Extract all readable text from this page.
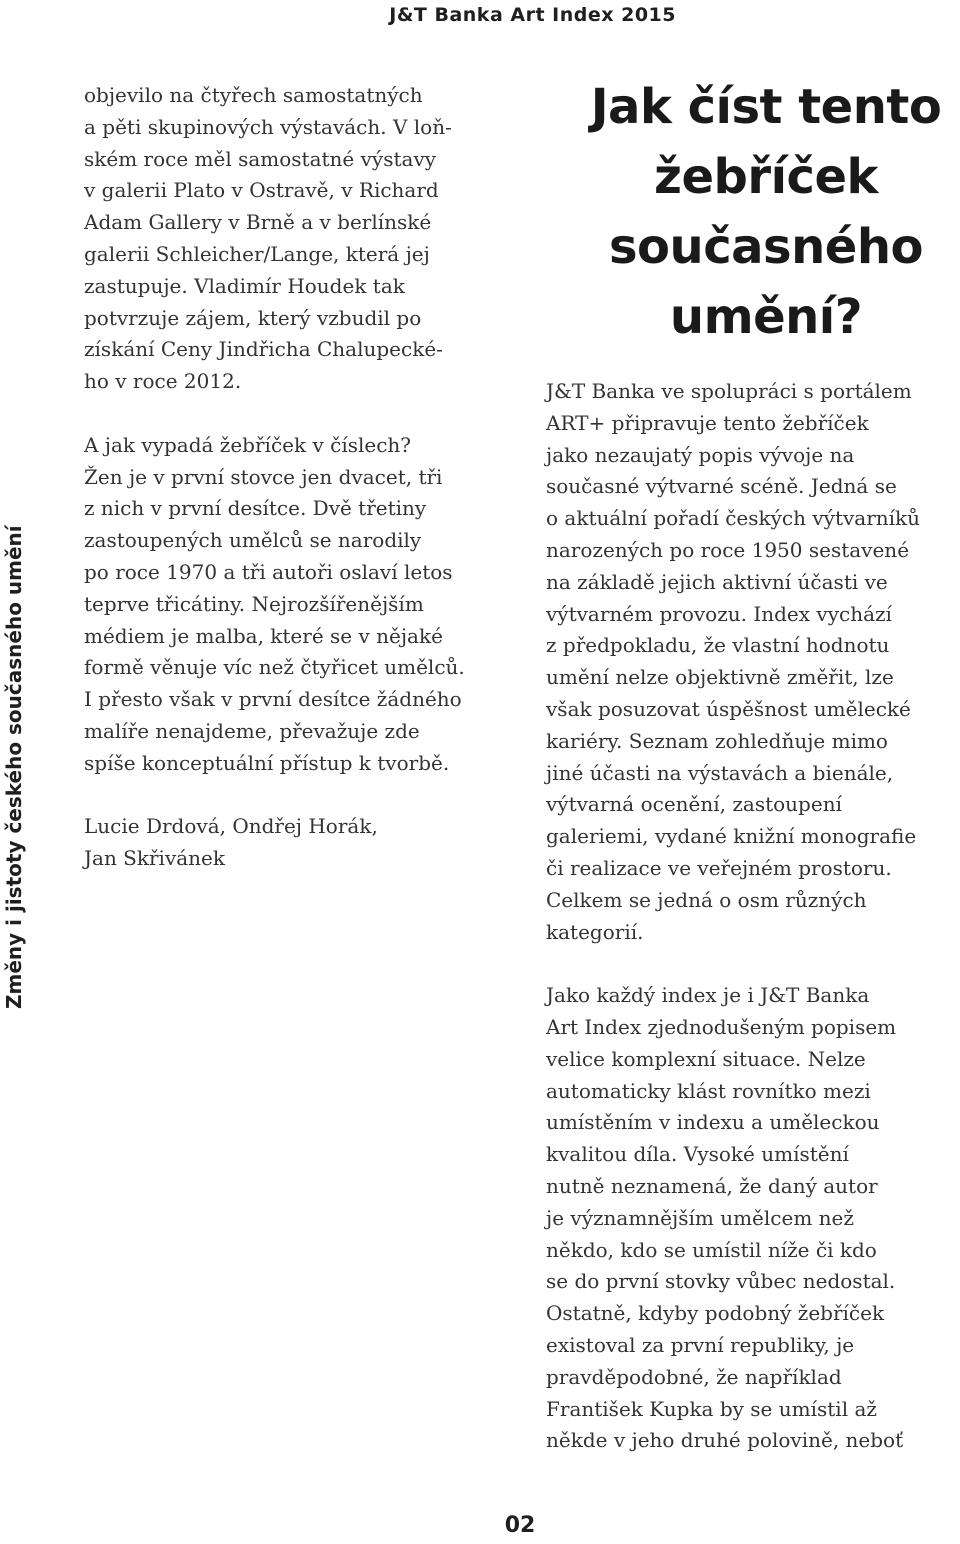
J&T Banka Art Index 2015
Změny i jistoty českého současného umění

objevilo na čtyřech samostatných
a pěti skupinových výstavách. V loň-
ském roce měl samostatné výstavy
v galerii Plato v Ostravě, v Richard
Adam Gallery v Brně a v berlínské
galerii Schleicher/Lange, která jej
zastupuje. Vladimír Houdek tak
potvrzuje zájem, který vzbudil po
získání Ceny Jindřicha Chalupecké-
ho v roce 2012.

A jak vypadá žebříček v číslech?
Žen je v první stovce jen dvacet, tři
z nich v první desítce. Dvě třetiny
zastoupených umělců se narodily
po roce 1970 a tři autoři oslaví letos
teprve třicátiny. Nejrozšířenějším
médiem je malba, které se v nějaké
formě věnuje víc než čtyřicet umělců.
I přesto však v první desítce žádného
malíře nenajdeme, převažuje zde
spíše konceptuální přístup k tvorbě.

Lucie Drdová, Ondřej Horák,
Jan Skřivánek

Jak číst tento
žebříček
současného
umění?

J&T Banka ve spolupráci s portálem
ART+ připravuje tento žebříček
jako nezaujatý popis vývoje na
současné výtvarné scéně. Jedná se
o aktuální pořadí českých výtvarníků
narozených po roce 1950 sestavené
na základě jejich aktivní účasti ve
výtvarném provozu. Index vychází
z předpokladu, že vlastní hodnotu
umění nelze objektivně změřit, lze
však posuzovat úspěšnost umělecké
kariéry. Seznam zohledňuje mimo
jiné účasti na výstavách a bienále,
výtvarná ocenění, zastoupení
galeriemi, vydané knižní monografie
či realizace ve veřejném prostoru.
Celkem se jedná o osm různých
kategorií.

Jako každý index je i J&T Banka
Art Index zjednodušeným popisem
velice komplexní situace. Nelze
automaticky klást rovnítko mezi
umístěním v indexu a uměleckou
kvalitou díla. Vysoké umístění
nutně neznamená, že daný autor
je významnějším umělcem než
někdo, kdo se umístil níže či kdo
se do první stovky vůbec nedostal.
Ostatně, kdyby podobný žebříček
existoval za první republiky, je
pravděpodobné, že například
František Kupka by se umístil až
někde v jeho druhé polovině, neboť

02
